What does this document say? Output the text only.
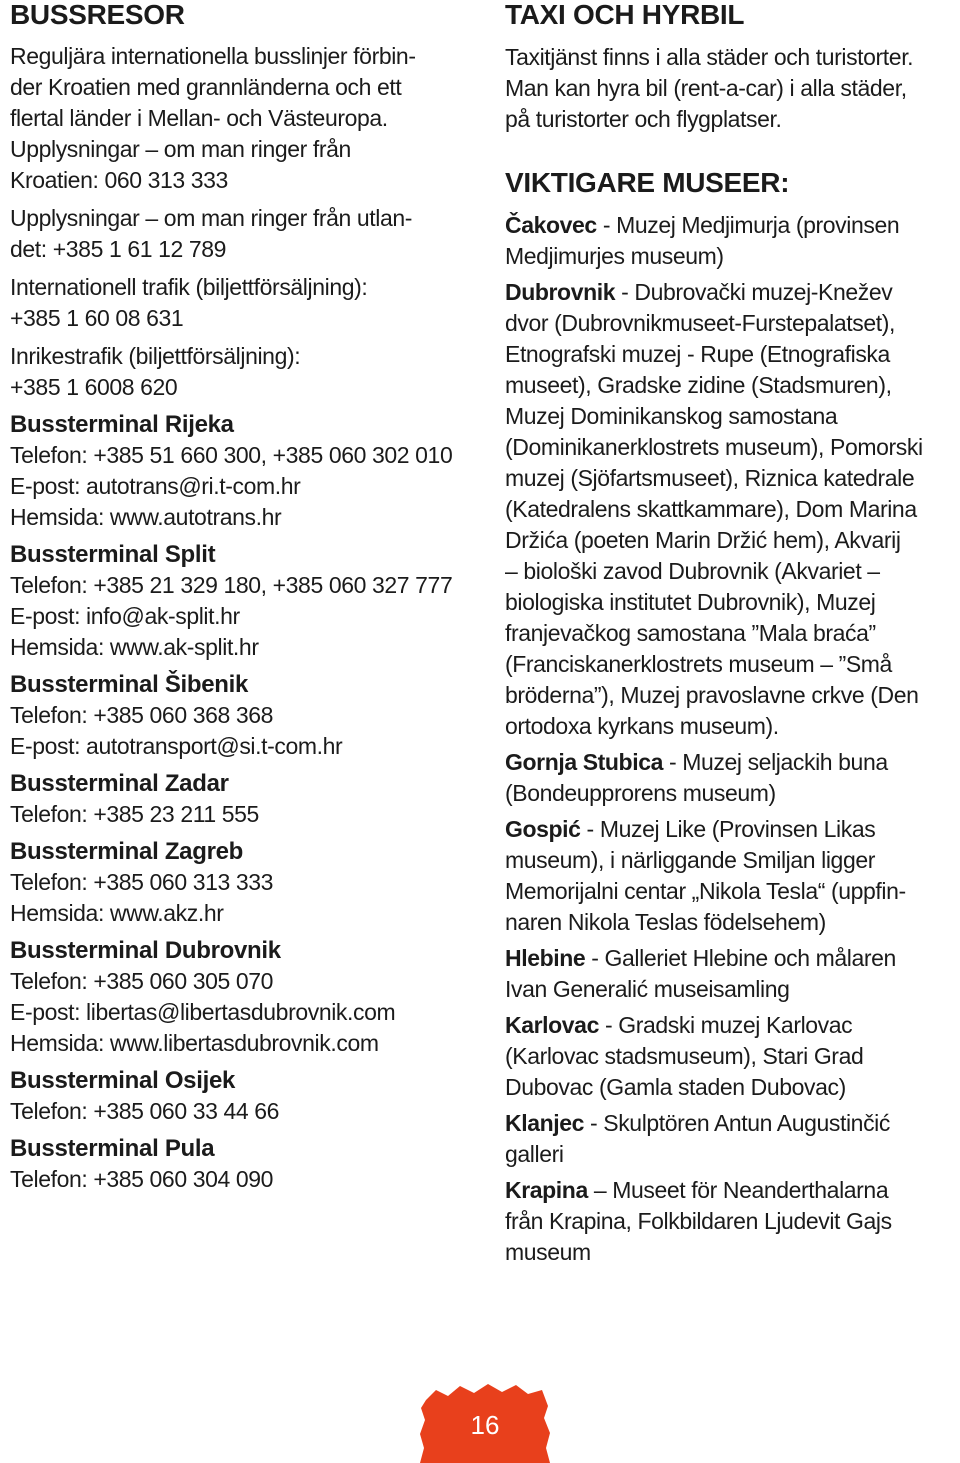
BUSSRESOR

Reguljära internationella busslinjer förbin-

der Kroatien med grannländerna och ett

flertal länder i Mellan- och Västeuropa.

Upplysningar – om man ringer från

Kroatien: 060 313 333

Upplysningar – om man ringer från utlan-

det: +385 1 61 12 789

Internationell trafik (biljettförsäljning):

+385 1 60 08 631

Inrikestrafik (biljettförsäljning):

+385 1 6008 620

Bussterminal Rijeka

Telefon: +385 51 660 300, +385 060 302 010

E-post: autotrans@ri.t-com.hr

Hemsida: www.autotrans.hr

Bussterminal Split

Telefon: +385 21 329 180, +385 060 327 777

E-post: info@ak-split.hr

Hemsida: www.ak-split.hr

Bussterminal Šibenik

Telefon: +385 060 368 368

E-post: autotransport@si.t-com.hr

Bussterminal Zadar

Telefon: +385 23 211 555

Bussterminal Zagreb

Telefon: +385 060 313 333

Hemsida: www.akz.hr

Bussterminal Dubrovnik

Telefon: +385 060 305 070

E-post: libertas@libertasdubrovnik.com

Hemsida: www.libertasdubrovnik.com

Bussterminal Osijek

Telefon: +385 060 33 44 66

Bussterminal Pula

Telefon: +385 060 304 090

TAXI OCH HYRBIL

Taxitjänst finns i alla städer och turistorter.

Man kan hyra bil (rent-a-car) i alla städer,

på turistorter och flygplatser.

VIKTIGARE MUSEER:

Čakovec - Muzej Medjimurja (provinsen
Medjimurjes museum)

Dubrovnik - Dubrovački muzej-Knežev
dvor (Dubrovnikmuseet-Furstepalatset),
Etnografski muzej - Rupe (Etnografiska
museet), Gradske zidine (Stadsmuren),
Muzej Dominikanskog samostana
(Dominikanerklostrets museum), Pomorski
muzej (Sjöfartsmuseet), Riznica katedrale
(Katedralens skattkammare), Dom Marina
Držića (poeten Marin Držić hem), Akvarij
– biološki zavod Dubrovnik (Akvariet –
biologiska institutet Dubrovnik), Muzej
franjevačkog samostana ”Mala braća”
(Franciskanerklostrets museum – ”Små
bröderna”), Muzej pravoslavne crkve (Den
ortodoxa kyrkans museum).

Gornja Stubica - Muzej seljackih buna
(Bondeupprorens museum)

Gospić - Muzej Like (Provinsen Likas
museum), i närliggande Smiljan ligger
Memorijalni centar „Nikola Tesla“ (uppfin-
naren Nikola Teslas födelsehem)

Hlebine - Galleriet Hlebine och målaren
Ivan Generalić museisamling

Karlovac - Gradski muzej Karlovac
(Karlovac stadsmuseum), Stari Grad
Dubovac (Gamla staden Dubovac)

Klanjec - Skulptören Antun Augustinčić
galleri

Krapina – Museet för Neanderthalarna
från Krapina, Folkbildaren Ljudevit Gajs
museum

16
